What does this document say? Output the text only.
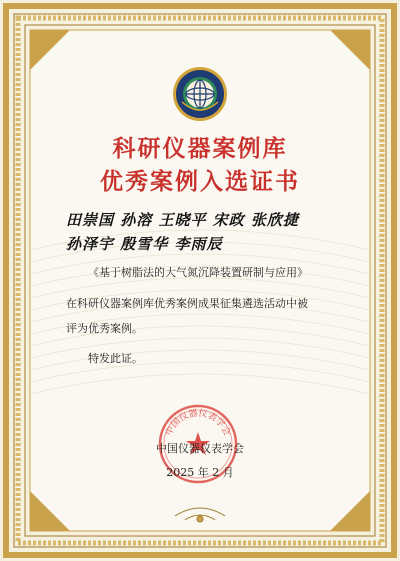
科研仪器案例库
优秀案例入选证书
田崇国 孙溶 王晓平 宋政 张欣捷
孙泽宇 殷雪华 李雨辰
《基于树脂法的大气氮沉降装置研制与应用》
在科研仪器案例库优秀案例成果征集遴选活动中被
评为优秀案例。
特发此证。
中国仪器仪表学会
中国仪器仪表学会
2025 年 2 月
